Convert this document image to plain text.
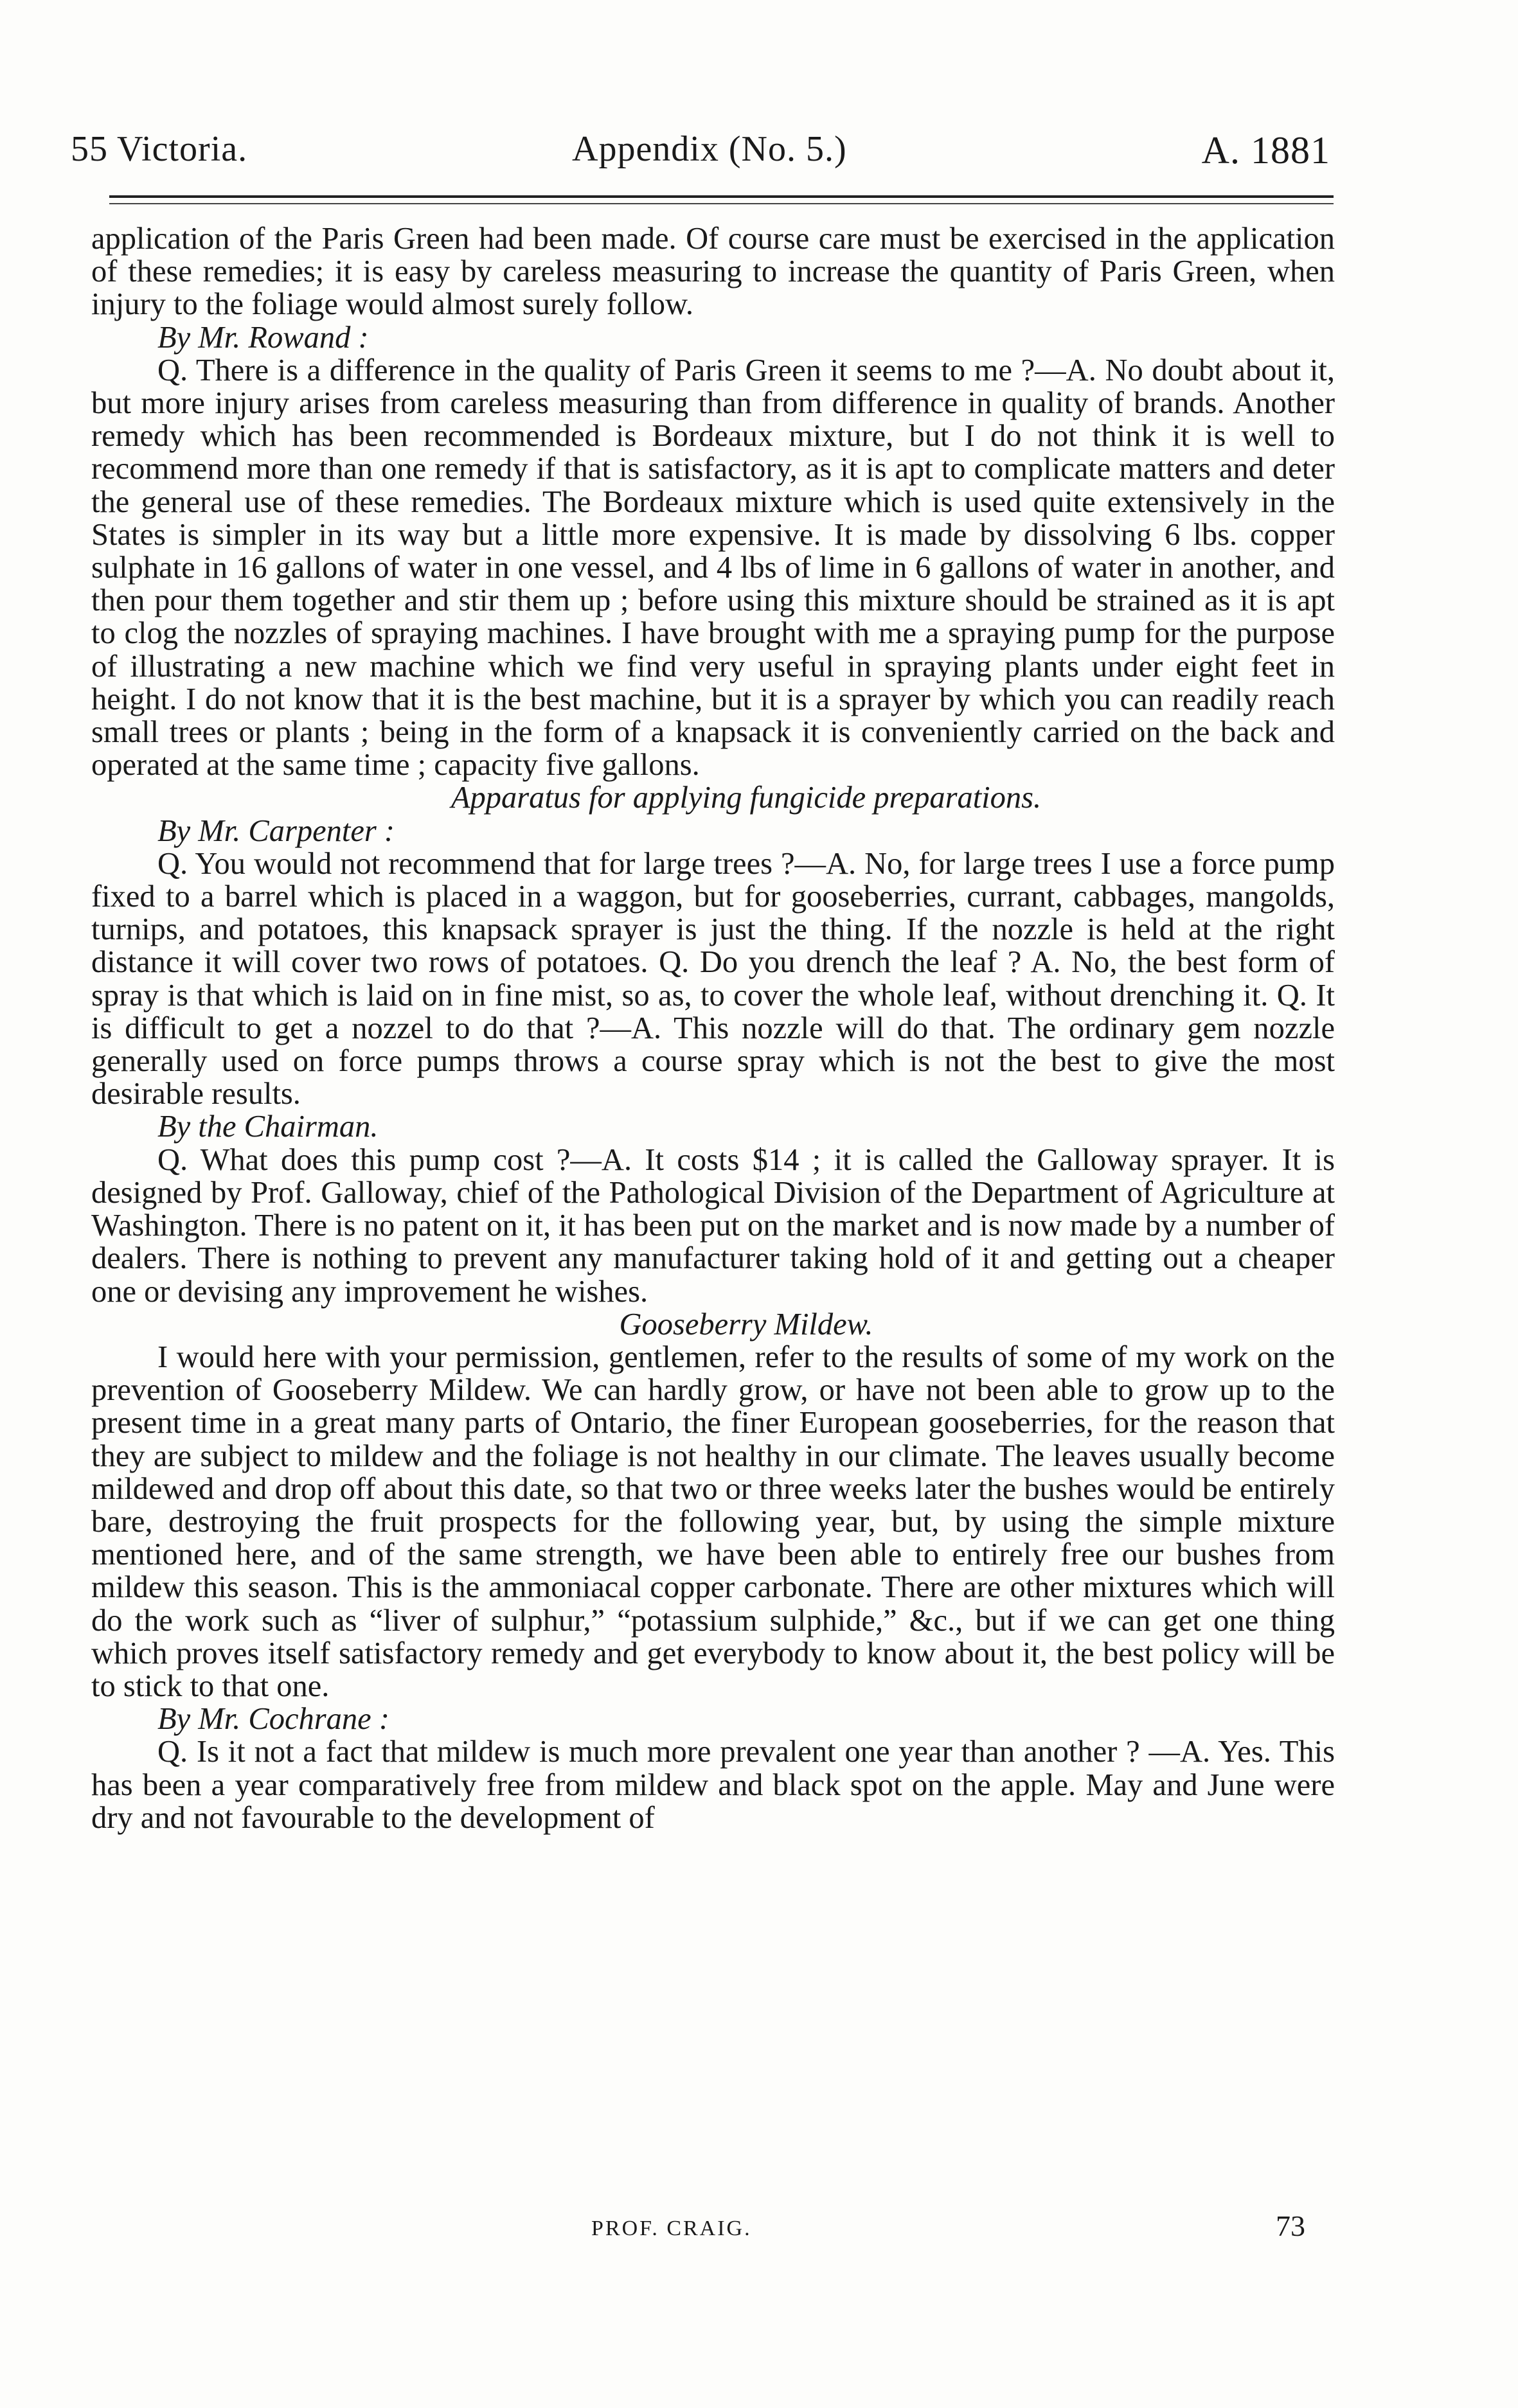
55 Victoria.	Appendix (No. 5.)	A. 1881

application of the Paris Green had been made. Of course care must be exercised in the application of these remedies; it is easy by careless measuring to increase the quantity of Paris Green, when injury to the foliage would almost surely follow.

By Mr. Rowand :

Q. There is a difference in the quality of Paris Green it seems to me ?—A. No doubt about it, but more injury arises from careless measuring than from difference in quality of brands. Another remedy which has been recommended is Bordeaux mixture, but I do not think it is well to recommend more than one remedy if that is satisfactory, as it is apt to complicate matters and deter the general use of these remedies. The Bordeaux mixture which is used quite extensively in the States is simpler in its way but a little more expensive. It is made by dissolving 6 lbs. copper sulphate in 16 gallons of water in one vessel, and 4 lbs of lime in 6 gallons of water in another, and then pour them together and stir them up ; before using this mixture should be strained as it is apt to clog the nozzles of spraying machines. I have brought with me a spraying pump for the purpose of illustrating a new machine which we find very useful in spraying plants under eight feet in height. I do not know that it is the best machine, but it is a sprayer by which you can readily reach small trees or plants ; being in the form of a knapsack it is conveniently carried on the back and operated at the same time ; capacity five gallons.

Apparatus for applying fungicide preparations.

By Mr. Carpenter :

Q. You would not recommend that for large trees ?—A. No, for large trees I use a force pump fixed to a barrel which is placed in a waggon, but for gooseberries, currant, cabbages, mangolds, turnips, and potatoes, this knapsack sprayer is just the thing. If the nozzle is held at the right distance it will cover two rows of potatoes. Q. Do you drench the leaf ? A. No, the best form of spray is that which is laid on in fine mist, so as, to cover the whole leaf, without drenching it. Q. It is difficult to get a nozzel to do that ?—A. This nozzle will do that. The ordinary gem nozzle generally used on force pumps throws a course spray which is not the best to give the most desirable results.

By the Chairman.

Q. What does this pump cost ?—A. It costs $14 ; it is called the Galloway sprayer. It is designed by Prof. Galloway, chief of the Pathological Division of the Department of Agriculture at Washington. There is no patent on it, it has been put on the market and is now made by a number of dealers. There is nothing to prevent any manufacturer taking hold of it and getting out a cheaper one or devising any improvement he wishes.

Gooseberry Mildew.

I would here with your permission, gentlemen, refer to the results of some of my work on the prevention of Gooseberry Mildew. We can hardly grow, or have not been able to grow up to the present time in a great many parts of Ontario, the finer European gooseberries, for the reason that they are subject to mildew and the foliage is not healthy in our climate. The leaves usually become mildewed and drop off about this date, so that two or three weeks later the bushes would be entirely bare, destroying the fruit prospects for the following year, but, by using the simple mixture mentioned here, and of the same strength, we have been able to entirely free our bushes from mildew this season. This is the ammoniacal copper carbonate. There are other mixtures which will do the work such as “liver of sulphur,” “potassium sulphide,” &c., but if we can get one thing which proves itself satisfactory remedy and get everybody to know about it, the best policy will be to stick to that one.

By Mr. Cochrane :

Q. Is it not a fact that mildew is much more prevalent one year than another ? —A. Yes. This has been a year comparatively free from mildew and black spot on the apple. May and June were dry and not favourable to the development of

PROF. CRAIG.	73
